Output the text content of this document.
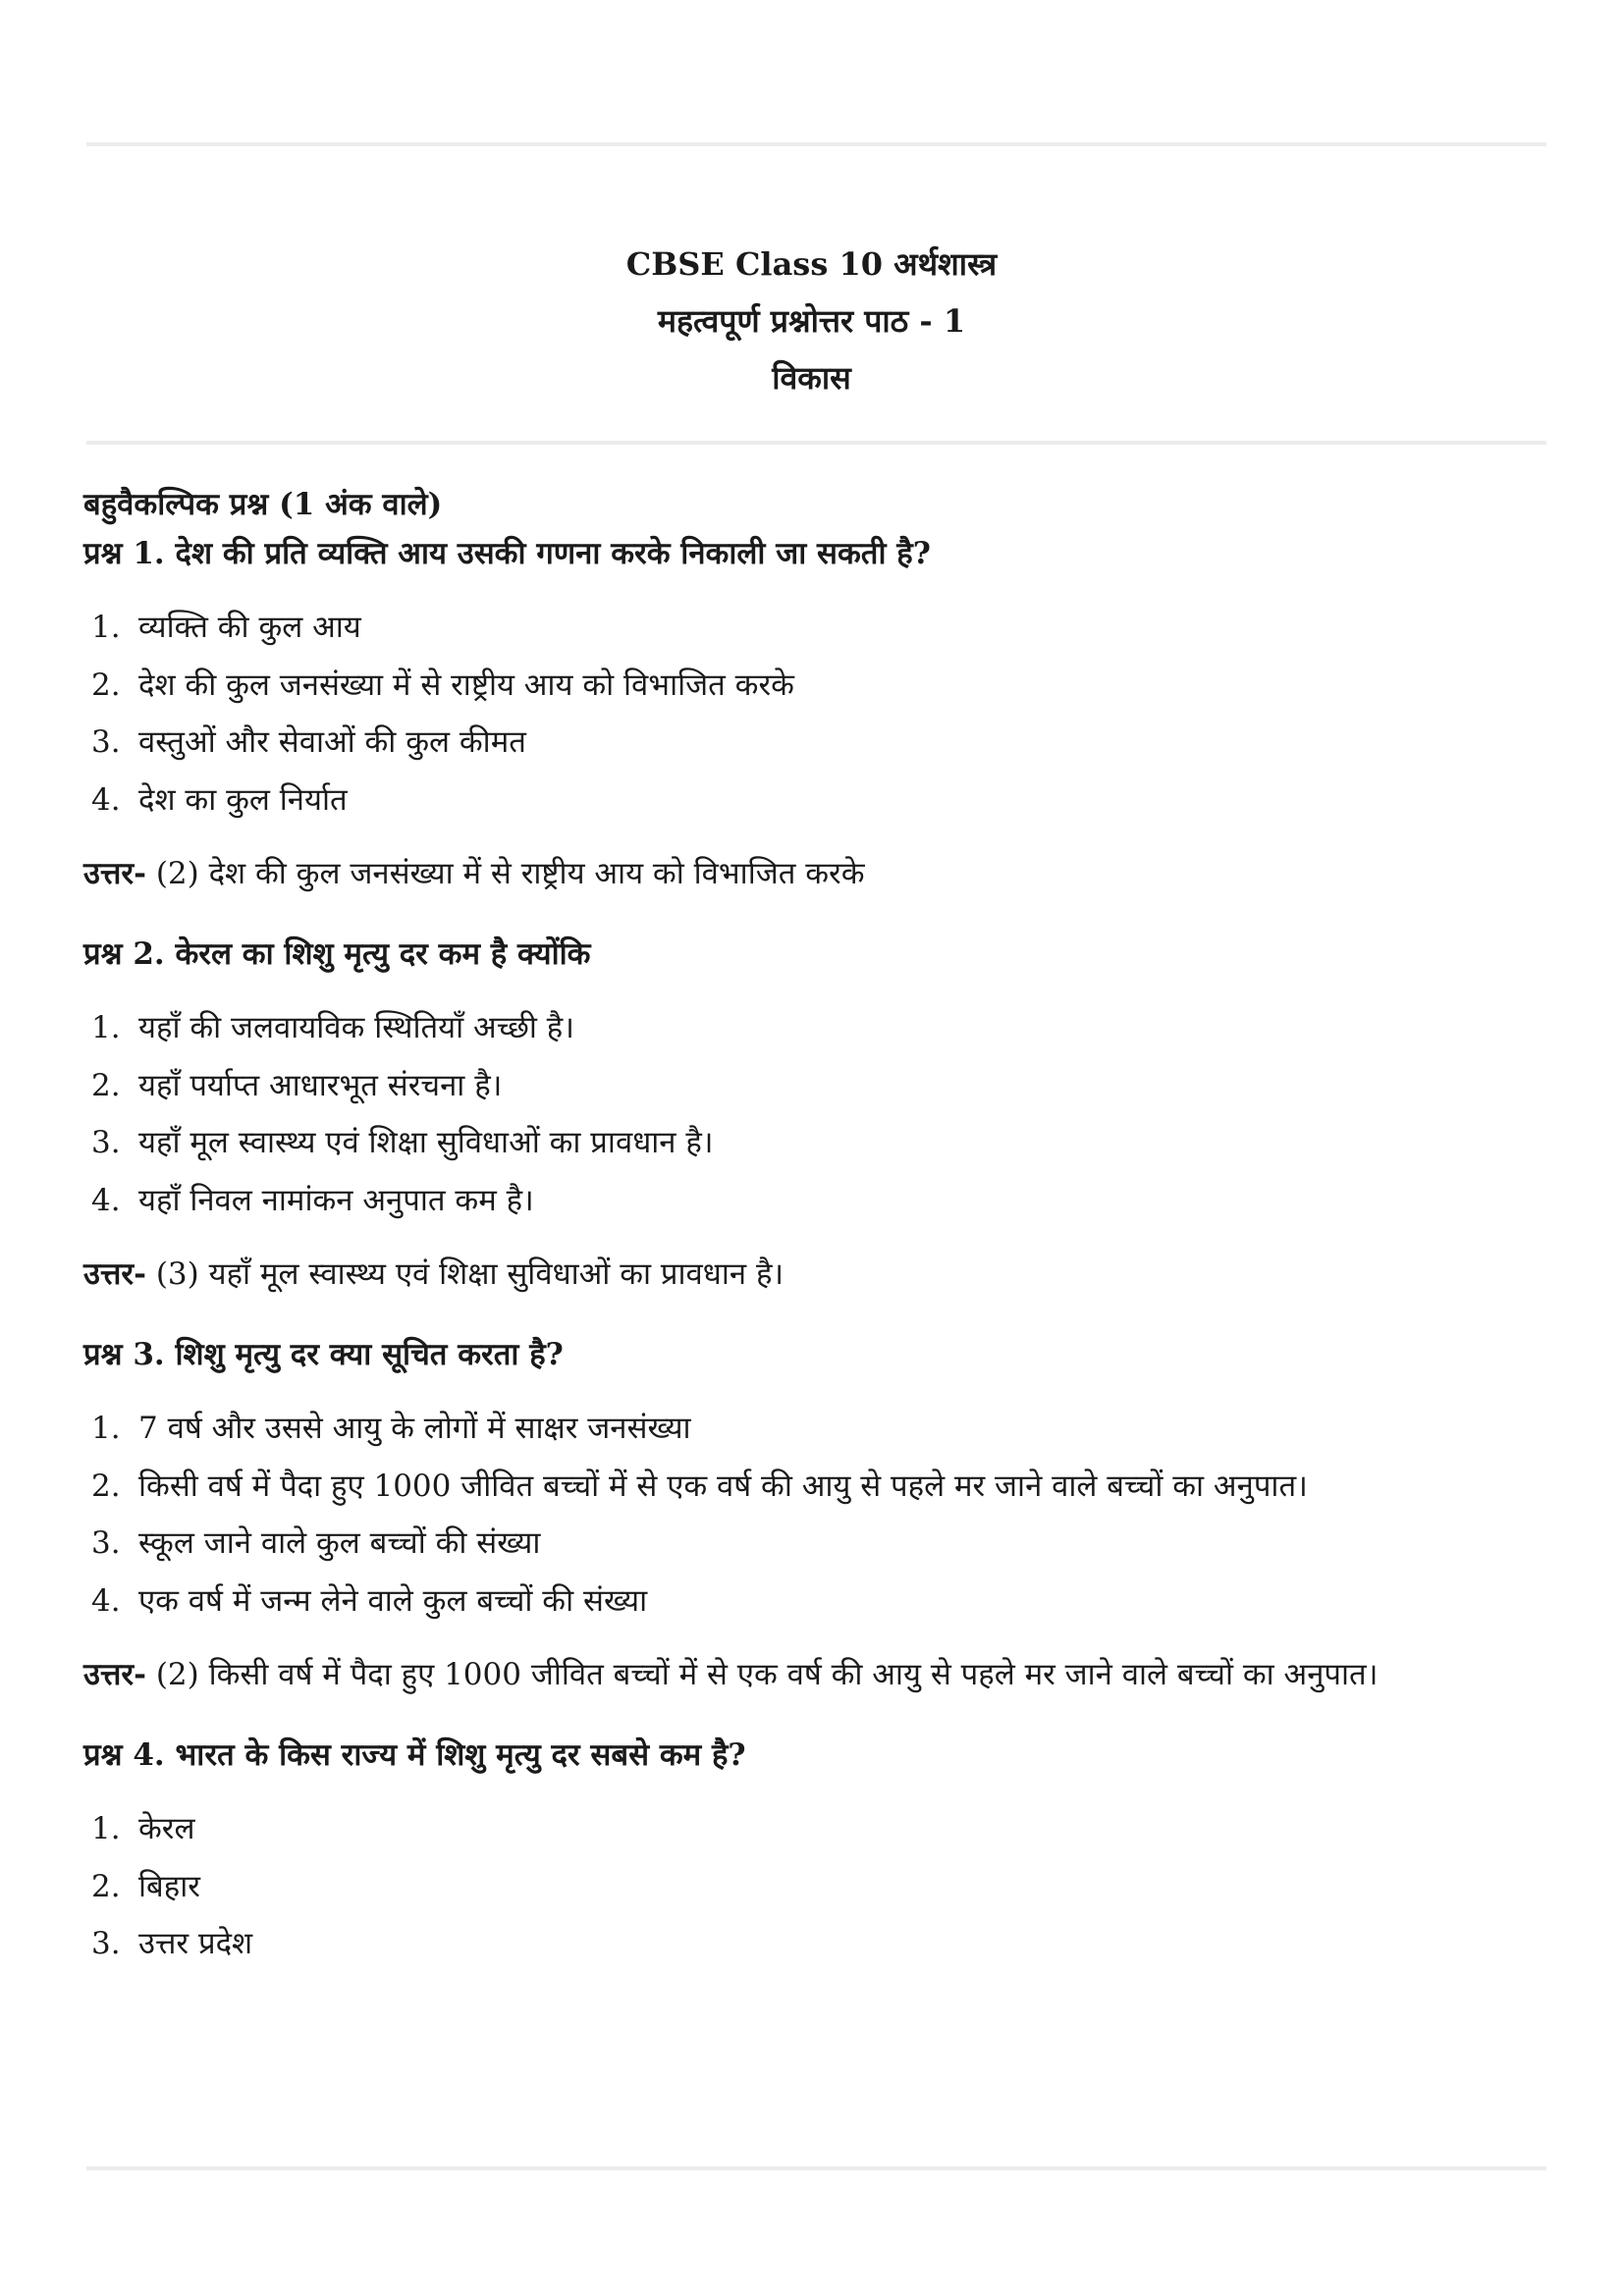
CBSE Class 10 अर्थशास्त्र
महत्वपूर्ण प्रश्नोत्तर पाठ - 1
विकास

बहुवैकल्पिक प्रश्न (1 अंक वाले)

प्रश्न 1. देश की प्रति व्यक्ति आय उसकी गणना करके निकाली जा सकती है?

1. व्यक्ति की कुल आय
2. देश की कुल जनसंख्या में से राष्ट्रीय आय को विभाजित करके
3. वस्तुओं और सेवाओं की कुल कीमत
4. देश का कुल निर्यात

उत्तर- (2) देश की कुल जनसंख्या में से राष्ट्रीय आय को विभाजित करके

प्रश्न 2. केरल का शिशु मृत्यु दर कम है क्योंकि

1. यहाँ की जलवायविक स्थितियाँ अच्छी है।
2. यहाँ पर्याप्त आधारभूत संरचना है।
3. यहाँ मूल स्वास्थ्य एवं शिक्षा सुविधाओं का प्रावधान है।
4. यहाँ निवल नामांकन अनुपात कम है।

उत्तर- (3) यहाँ मूल स्वास्थ्य एवं शिक्षा सुविधाओं का प्रावधान है।

प्रश्न 3. शिशु मृत्यु दर क्या सूचित करता है?

1. 7 वर्ष और उससे आयु के लोगों में साक्षर जनसंख्या
2. किसी वर्ष में पैदा हुए 1000 जीवित बच्चों में से एक वर्ष की आयु से पहले मर जाने वाले बच्चों का अनुपात।
3. स्कूल जाने वाले कुल बच्चों की संख्या
4. एक वर्ष में जन्म लेने वाले कुल बच्चों की संख्या

उत्तर- (2) किसी वर्ष में पैदा हुए 1000 जीवित बच्चों में से एक वर्ष की आयु से पहले मर जाने वाले बच्चों का अनुपात।

प्रश्न 4. भारत के किस राज्य में शिशु मृत्यु दर सबसे कम है?

1. केरल
2. बिहार
3. उत्तर प्रदेश
